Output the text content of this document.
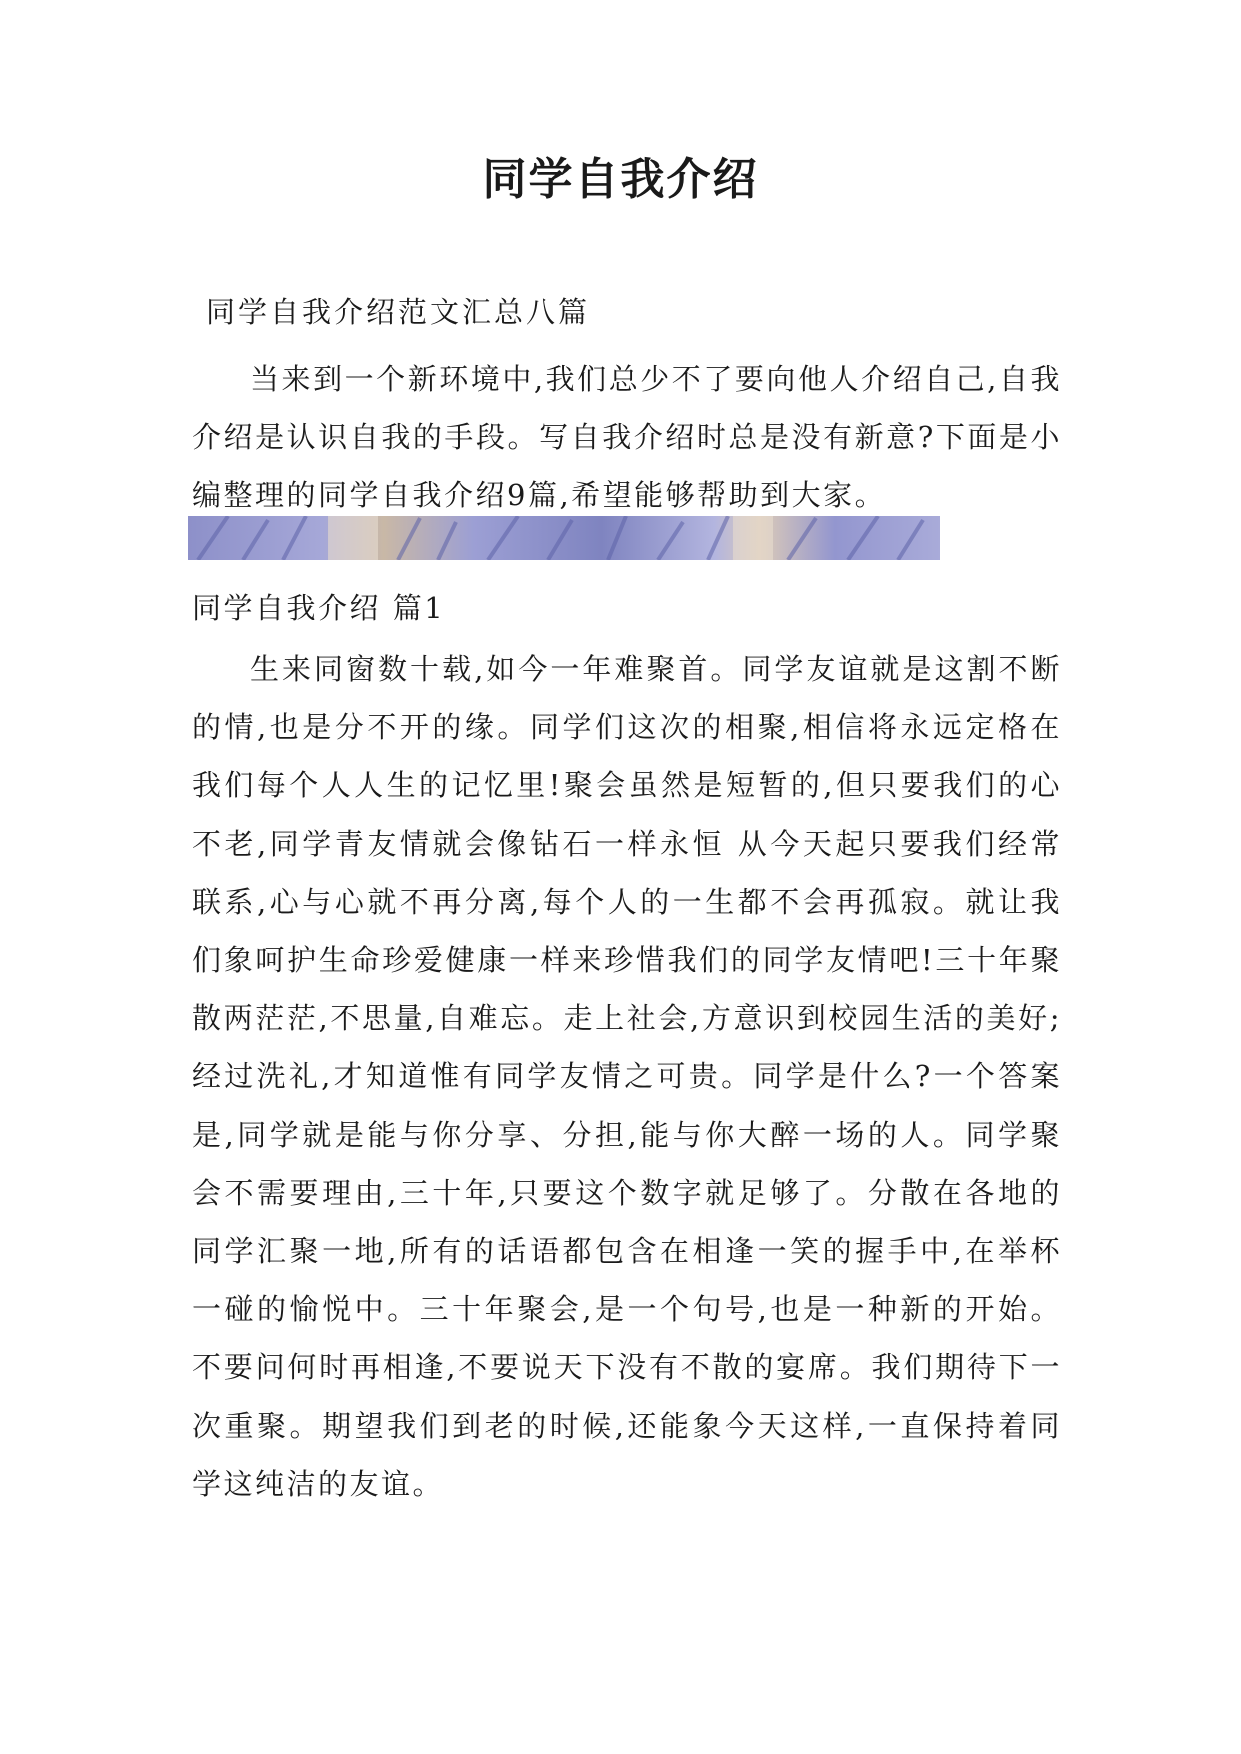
同学自我介绍
同学自我介绍范文汇总八篇

当来到一个新环境中,我们总少不了要向他人介绍自己,自我介绍是认识自我的手段。写自我介绍时总是没有新意?下面是小编整理的同学自我介绍9篇,希望能够帮助到大家。

同学自我介绍 篇1

生来同窗数十载,如今一年难聚首。同学友谊就是这割不断的情,也是分不开的缘。同学们这次的相聚,相信将永远定格在我们每个人人生的记忆里!聚会虽然是短暂的,但只要我们的心不老,同学青友情就会像钻石一样永恒 从今天起只要我们经常联系,心与心就不再分离,每个人的一生都不会再孤寂。就让我们象呵护生命珍爱健康一样来珍惜我们的同学友情吧!三十年聚散两茫茫,不思量,自难忘。走上社会,方意识到校园生活的美好;经过洗礼,才知道惟有同学友情之可贵。同学是什么?一个答案是,同学就是能与你分享、分担,能与你大醉一场的人。同学聚会不需要理由,三十年,只要这个数字就足够了。分散在各地的同学汇聚一地,所有的话语都包含在相逢一笑的握手中,在举杯一碰的愉悦中。三十年聚会,是一个句号,也是一种新的开始。不要问何时再相逢,不要说天下没有不散的宴席。我们期待下一次重聚。期望我们到老的时候,还能象今天这样,一直保持着同学这纯洁的友谊。
